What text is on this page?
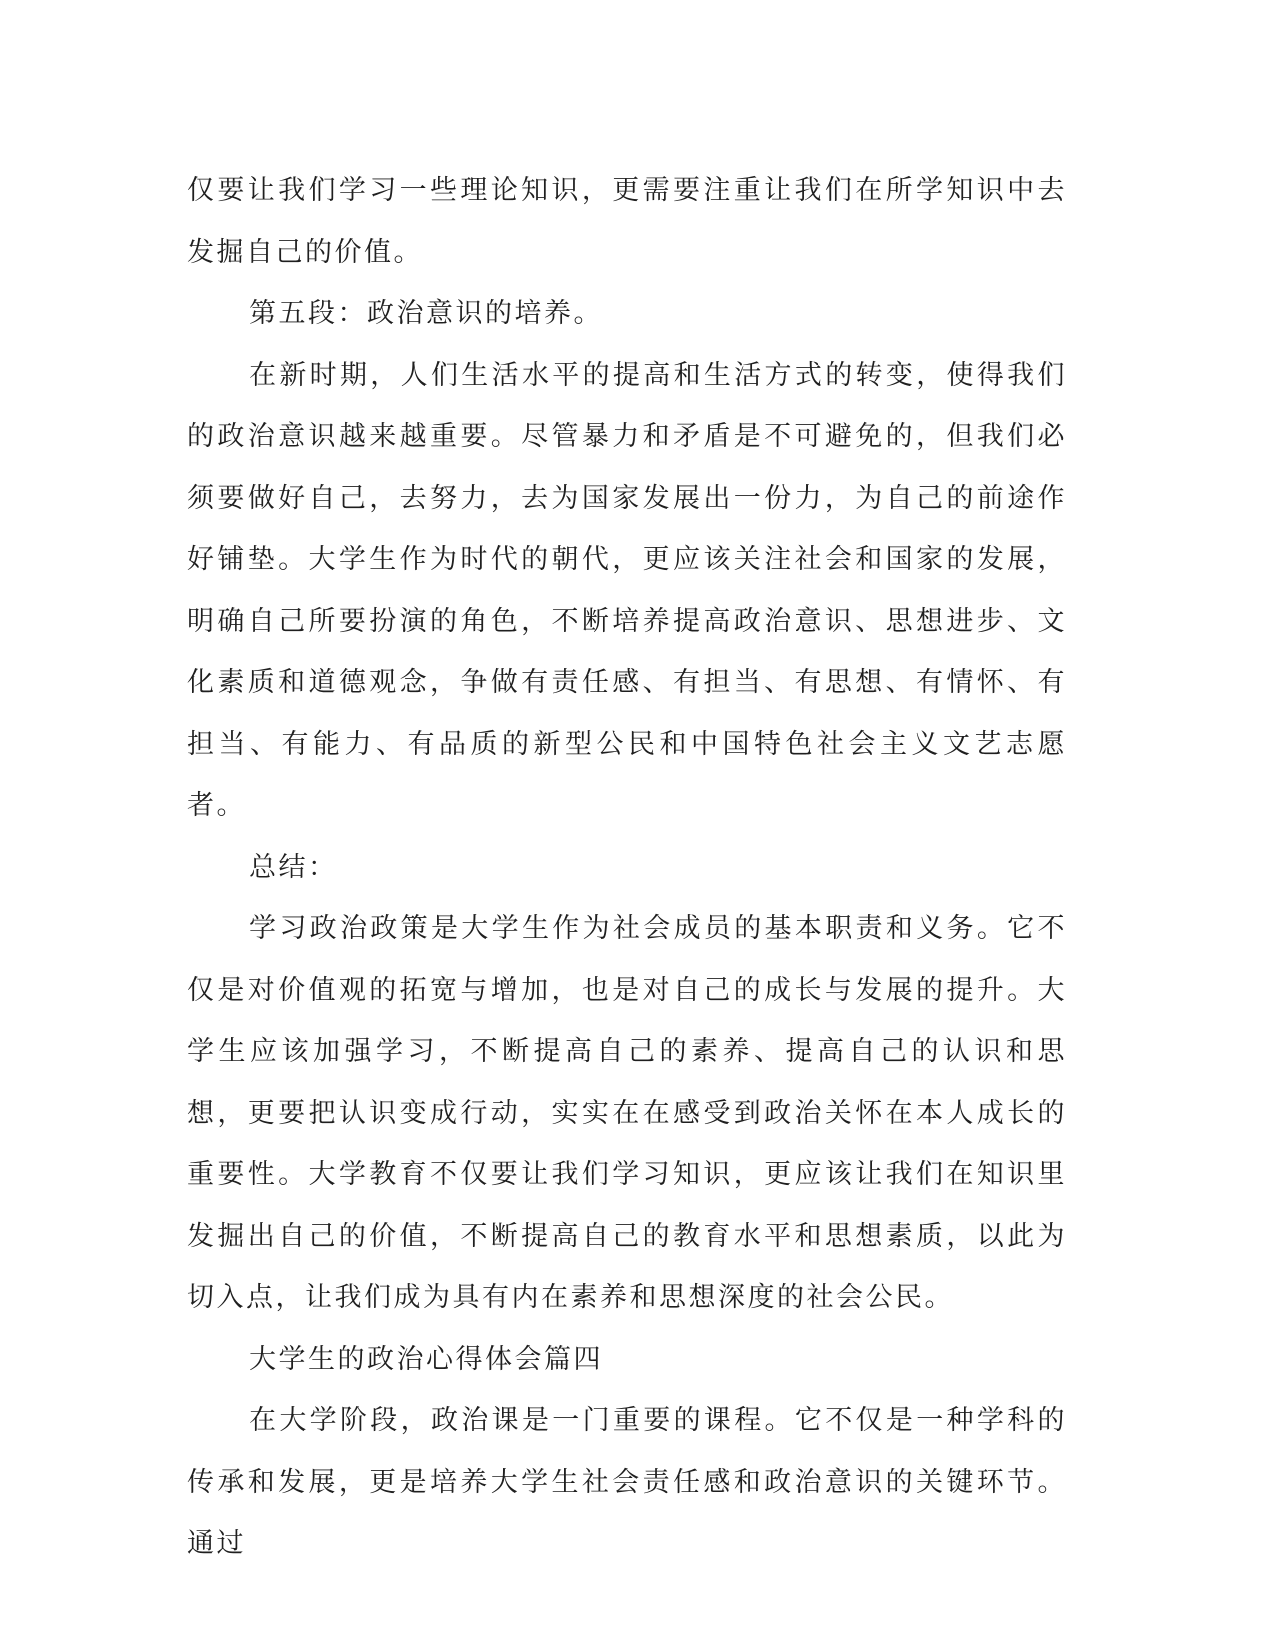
仅要让我们学习一些理论知识，更需要注重让我们在所学知识中去发掘自己的价值。

第五段：政治意识的培养。

在新时期，人们生活水平的提高和生活方式的转变，使得我们的政治意识越来越重要。尽管暴力和矛盾是不可避免的，但我们必须要做好自己，去努力，去为国家发展出一份力，为自己的前途作好铺垫。大学生作为时代的朝代，更应该关注社会和国家的发展，明确自己所要扮演的角色，不断培养提高政治意识、思想进步、文化素质和道德观念，争做有责任感、有担当、有思想、有情怀、有担当、有能力、有品质的新型公民和中国特色社会主义文艺志愿者。

总结：

学习政治政策是大学生作为社会成员的基本职责和义务。它不仅是对价值观的拓宽与增加，也是对自己的成长与发展的提升。大学生应该加强学习，不断提高自己的素养、提高自己的认识和思想，更要把认识变成行动，实实在在感受到政治关怀在本人成长的重要性。大学教育不仅要让我们学习知识，更应该让我们在知识里发掘出自己的价值，不断提高自己的教育水平和思想素质，以此为切入点，让我们成为具有内在素养和思想深度的社会公民。

大学生的政治心得体会篇四

在大学阶段，政治课是一门重要的课程。它不仅是一种学科的传承和发展，更是培养大学生社会责任感和政治意识的关键环节。通过
